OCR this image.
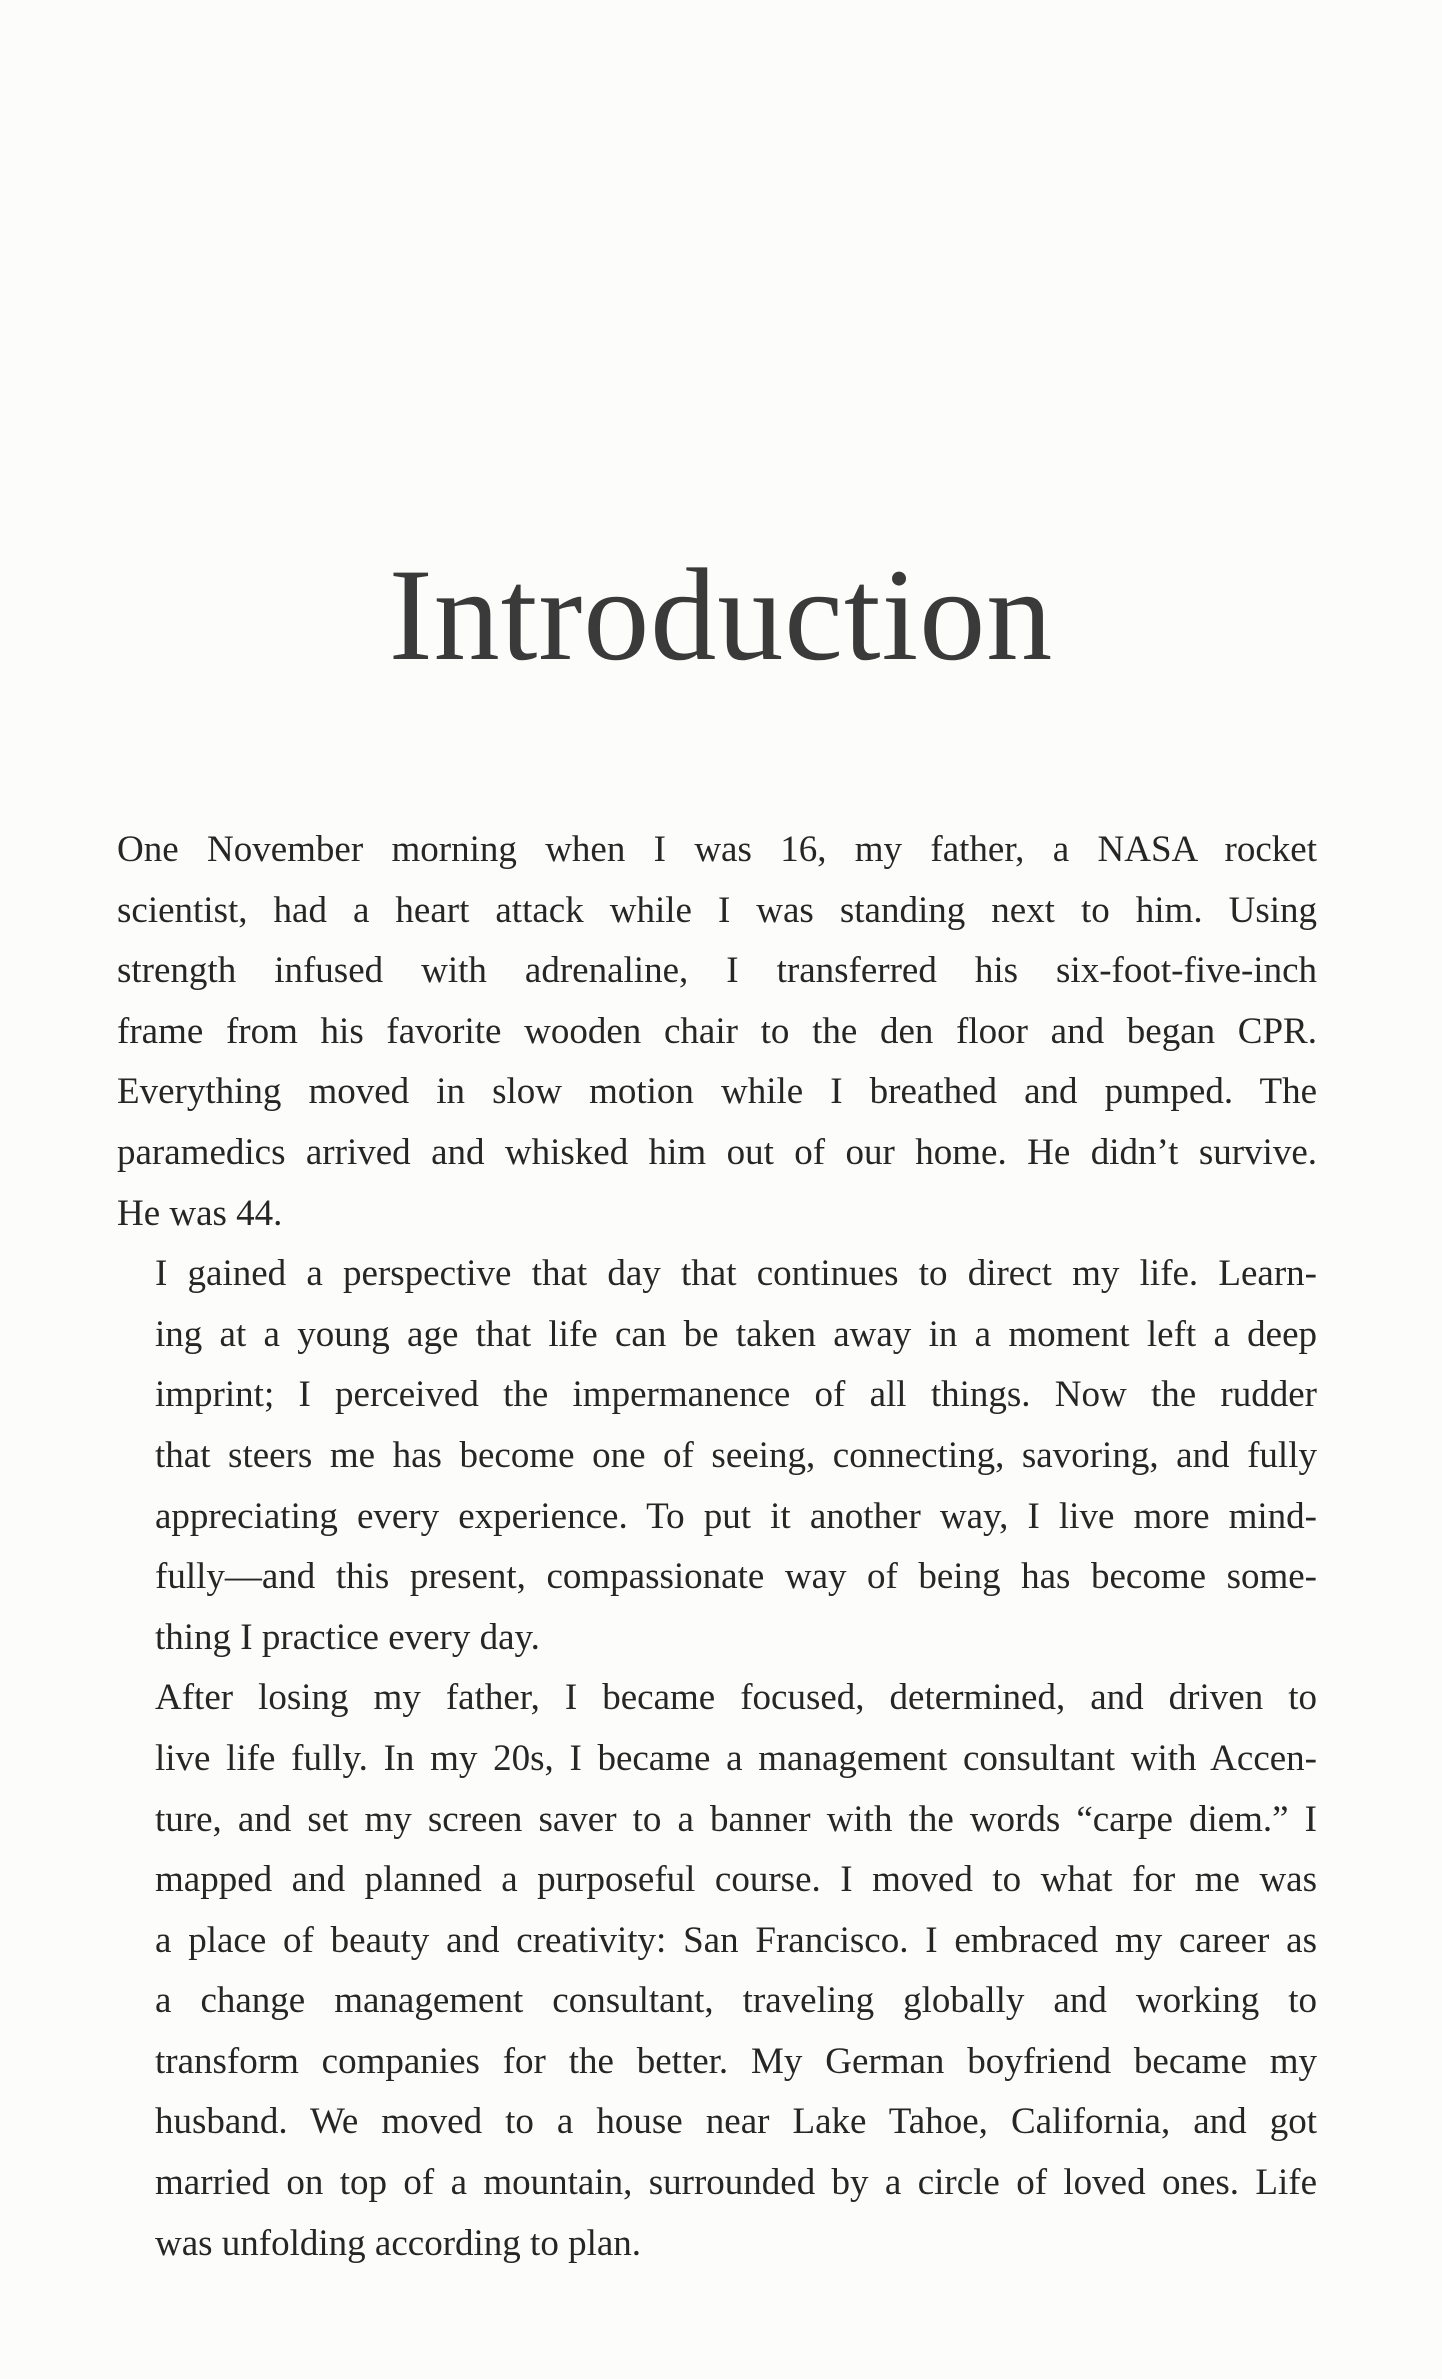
Introduction

One November morning when I was 16, my father, a NASA rocket
scientist, had a heart attack while I was standing next to him. Using
strength infused with adrenaline, I transferred his six-foot-five-inch
frame from his favorite wooden chair to the den floor and began CPR.
Everything moved in slow motion while I breathed and pumped. The
paramedics arrived and whisked him out of our home. He didn’t survive.
He was 44.

I gained a perspective that day that continues to direct my life. Learn-
ing at a young age that life can be taken away in a moment left a deep
imprint; I perceived the impermanence of all things. Now the rudder
that steers me has become one of seeing, connecting, savoring, and fully
appreciating every experience. To put it another way, I live more mind-
fully—and this present, compassionate way of being has become some-
thing I practice every day.

After losing my father, I became focused, determined, and driven to
live life fully. In my 20s, I became a management consultant with Accen-
ture, and set my screen saver to a banner with the words “carpe diem.” I
mapped and planned a purposeful course. I moved to what for me was
a place of beauty and creativity: San Francisco. I embraced my career as
a change management consultant, traveling globally and working to
transform companies for the better. My German boyfriend became my
husband. We moved to a house near Lake Tahoe, California, and got
married on top of a mountain, surrounded by a circle of loved ones. Life
was unfolding according to plan.
